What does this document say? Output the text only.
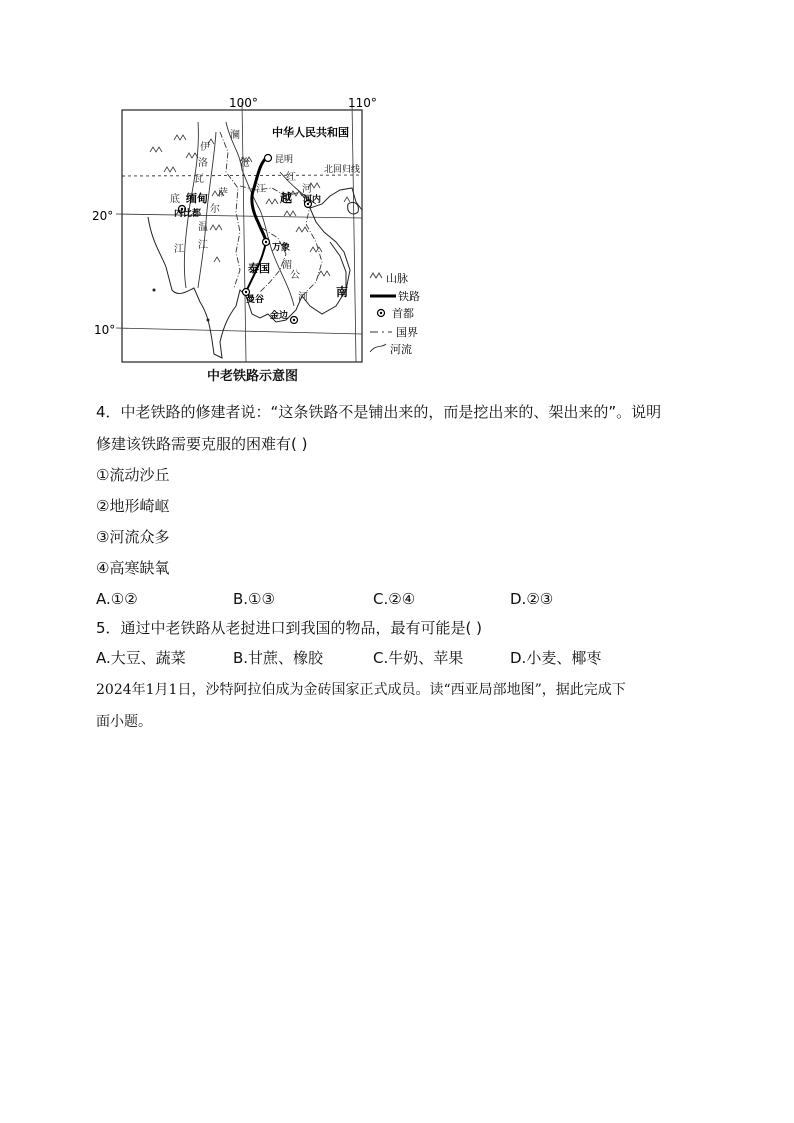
100°	110°
20°
10°
中华人民共和国
北回归线
昆明
缅甸
内比都
越 河内
万象
泰国
曼谷
金边
南
澜
沧
江
伊
洛
瓦
底
江
萨
尔
温
江
湄
公
河
红
河
山脉
铁路
首都
国界
河流
中老铁路示意图
4．中老铁路的修建者说：“这条铁路不是铺出来的，而是挖出来的、架出来的”。说明
修建该铁路需要克服的困难有( )
①流动沙丘
②地形崎岖
③河流众多
④高寒缺氧
A.①②	B.①③	C.②④	D.②③
5．通过中老铁路从老挝进口到我国的物品，最有可能是( )
A.大豆、蔬菜	B.甘蔗、橡胶	C.牛奶、苹果	D.小麦、椰枣
2024年1月1日，沙特阿拉伯成为金砖国家正式成员。读“西亚局部地图”，据此完成下
面小题。
